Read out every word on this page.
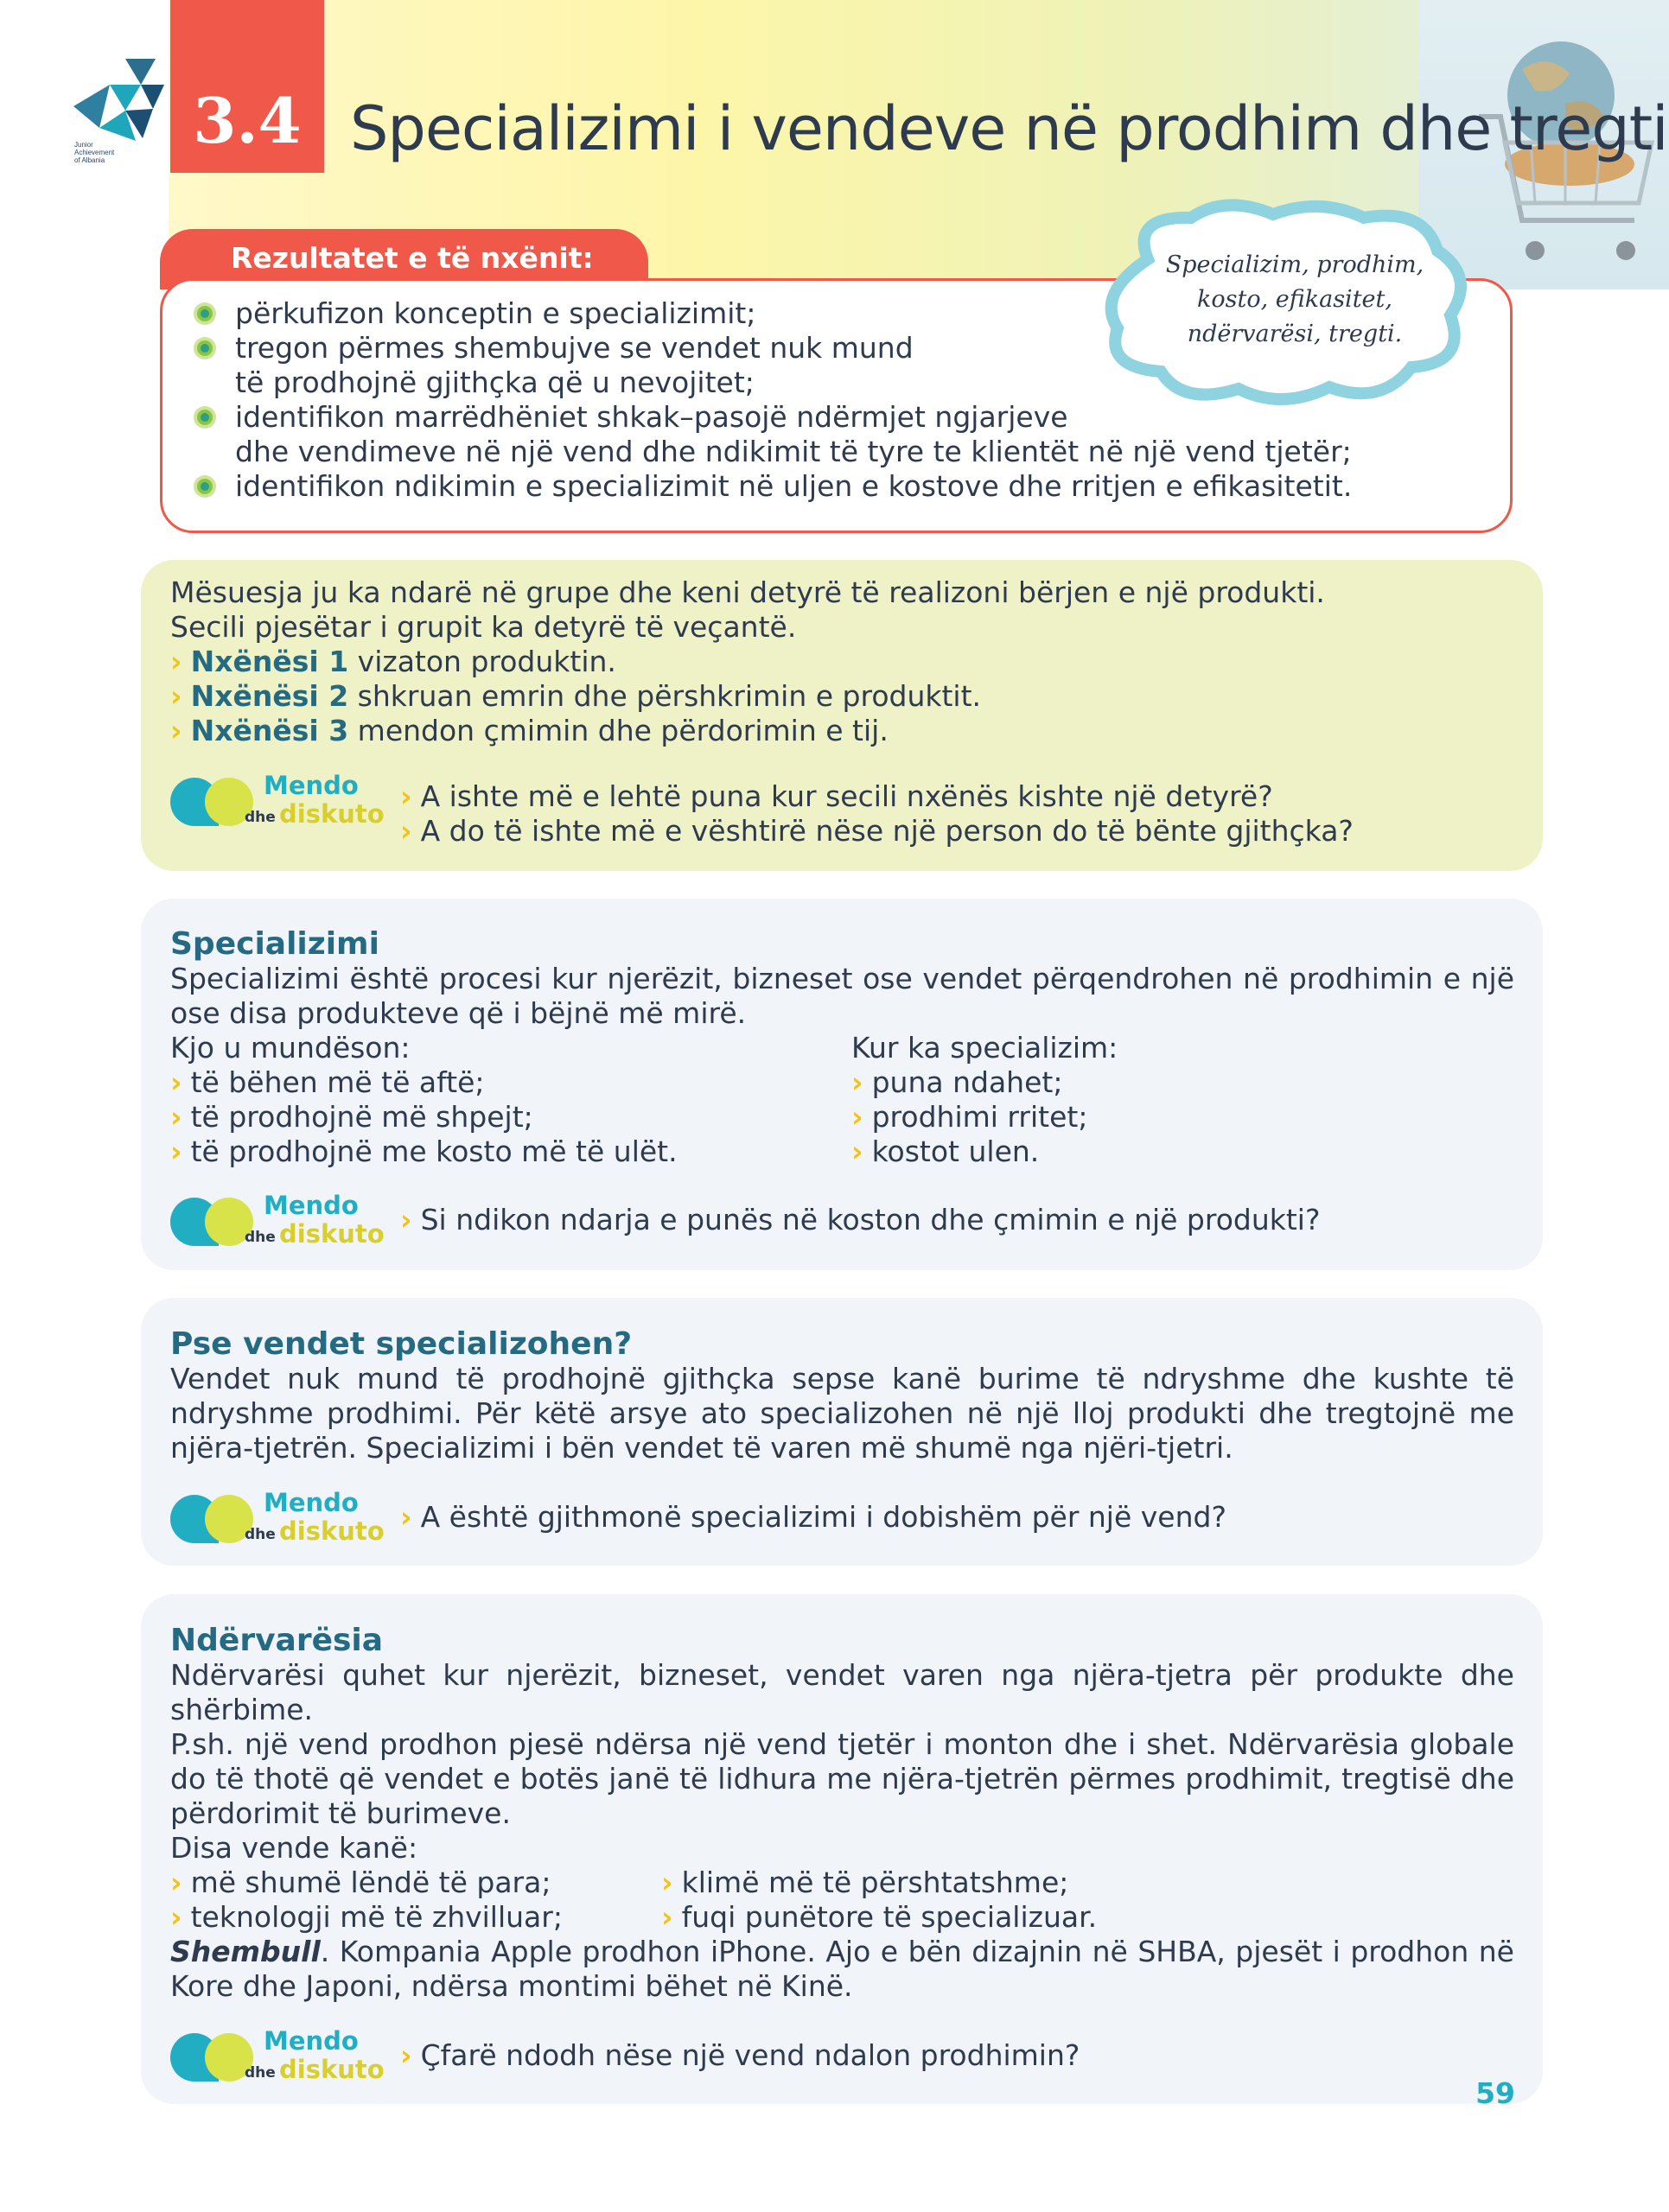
Junior
Achievement
of Albania
3.4 Specializimi i vendeve në prodhim dhe tregti
Rezultatet e të nxënit:
përkufizon konceptin e specializimit;
tregon përmes shembujve se vendet nuk mund
të prodhojnë gjithçka që u nevojitet;
identifikon marrëdhëniet shkak–pasojë ndërmjet ngjarjeve
dhe vendimeve në një vend dhe ndikimit të tyre te klientët në një vend tjetër;
identifikon ndikimin e specializimit në uljen e kostove dhe rritjen e efikasitetit.
Specializim, prodhim,
kosto, efikasitet,
ndërvarësi, tregti.
Mësuesja ju ka ndarë në grupe dhe keni detyrë të realizoni bërjen e një produkti.
Secili pjesëtar i grupit ka detyrë të veçantë.
› Nxënësi 1 vizaton produktin.
› Nxënësi 2 shkruan emrin dhe përshkrimin e produktit.
› Nxënësi 3 mendon çmimin dhe përdorimin e tij.
Mendo
dhe diskuto
› A ishte më e lehtë puna kur secili nxënës kishte një detyrë?
› A do të ishte më e vështirë nëse një person do të bënte gjithçka?
Specializimi
Specializimi është procesi kur njerëzit, bizneset ose vendet përqendrohen në prodhimin e një ose disa produkteve që i bëjnë më mirë.
Kjo u mundëson:
› të bëhen më të aftë;
› të prodhojnë më shpejt;
› të prodhojnë me kosto më të ulët.
Kur ka specializim:
› puna ndahet;
› prodhimi rritet;
› kostot ulen.
Mendo
dhe diskuto › Si ndikon ndarja e punës në koston dhe çmimin e një produkti?
Pse vendet specializohen?
Vendet nuk mund të prodhojnë gjithçka sepse kanë burime të ndryshme dhe kushte të ndryshme prodhimi. Për këtë arsye ato specializohen në një lloj produkti dhe tregtojnë me njëra-tjetrën. Specializimi i bën vendet të varen më shumë nga njëri-tjetri.
Mendo
dhe diskuto › A është gjithmonë specializimi i dobishëm për një vend?
Ndërvarësia
Ndërvarësi quhet kur njerëzit, bizneset, vendet varen nga njëra-tjetra për produkte dhe shërbime.
P.sh. një vend prodhon pjesë ndërsa një vend tjetër i monton dhe i shet. Ndërvarësia globale do të thotë që vendet e botës janë të lidhura me njëra-tjetrën përmes prodhimit, tregtisë dhe përdorimit të burimeve.
Disa vende kanë:
› më shumë lëndë të para;
› teknologji më të zhvilluar;
› klimë më të përshtatshme;
› fuqi punëtore të specializuar.
Shembull. Kompania Apple prodhon iPhone. Ajo e bën dizajnin në SHBA, pjesët i prodhon në Kore dhe Japoni, ndërsa montimi bëhet në Kinë.
Mendo
dhe diskuto › Çfarë ndodh nëse një vend ndalon prodhimin?
59
